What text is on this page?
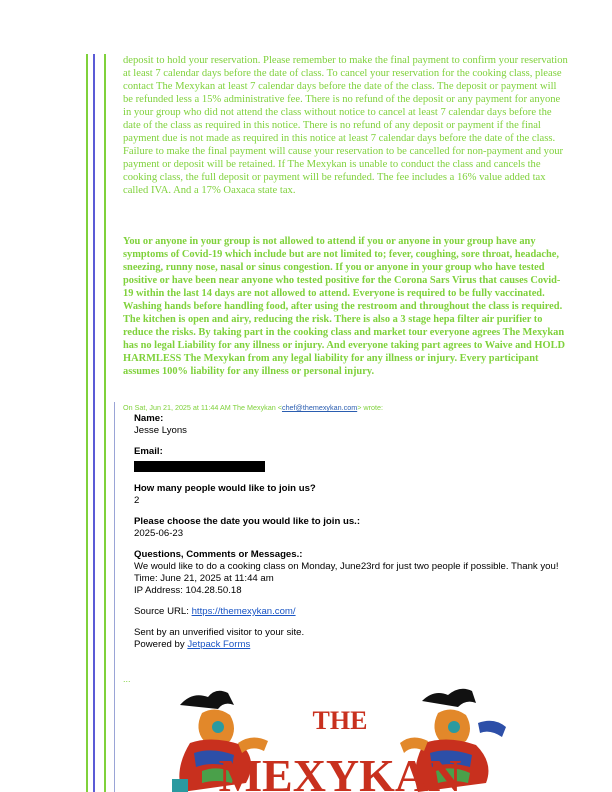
deposit to hold your reservation. Please remember to make the final payment to confirm your reservation at least 7 calendar days before the date of class. To cancel your reservation for the cooking class, please contact The Mexykan at least 7 calendar days before the date of the class. The deposit or payment will be refunded less a 15% administrative fee. There is no refund of the deposit or any payment for anyone in your group who did not attend the class without notice to cancel at least 7 calendar days before the date of the class as required in this notice. There is no refund of any deposit or payment if the final payment due is not made as required in this notice at least 7 calendar days before the date of the class. Failure to make the final payment will cause your reservation to be cancelled for non-payment and your payment or deposit will be retained. If The Mexykan is unable to conduct the class and cancels the cooking class, the full deposit or payment will be refunded. The fee includes a 16% value added tax called IVA. And a 17% Oaxaca state tax.
You or anyone in your group is not allowed to attend if you or anyone in your group have any symptoms of Covid-19 which include but are not limited to; fever, coughing, sore throat, headache, sneezing, runny nose, nasal or sinus congestion. If you or anyone in your group who have tested positive or have been near anyone who tested positive for the Corona Sars Virus that causes Covid-19 within the last 14 days are not allowed to attend. Everyone is required to be fully vaccinated. Washing hands before handling food, after using the restroom and throughout the class is required. The kitchen is open and airy, reducing the risk. There is also a 3 stage hepa filter air purifier to reduce the risks. By taking part in the cooking class and market tour everyone agrees The Mexykan has no legal Liability for any illness or injury. And everyone taking part agrees to Waive and HOLD HARMLESS The Mexykan from any legal liability for any illness or injury. Every participant assumes 100% liability for any illness or personal injury.
On Sat, Jun 21, 2025 at 11:44 AM The Mexykan <chef@themexykan.com> wrote:
Name:
Jesse Lyons
Email:
How many people would like to join us?
2
Please choose the date you would like to join us.:
2025-06-23
Questions, Comments or Messages.:
We would like to do a cooking class on Monday, June23rd for just two people if possible. Thank you!
Time: June 21, 2025 at 11:44 am
IP Address: 104.28.50.18
Source URL: https://themexykan.com/
Sent by an unverified visitor to your site.
Powered by Jetpack Forms
...
THE
MEXYKAN
